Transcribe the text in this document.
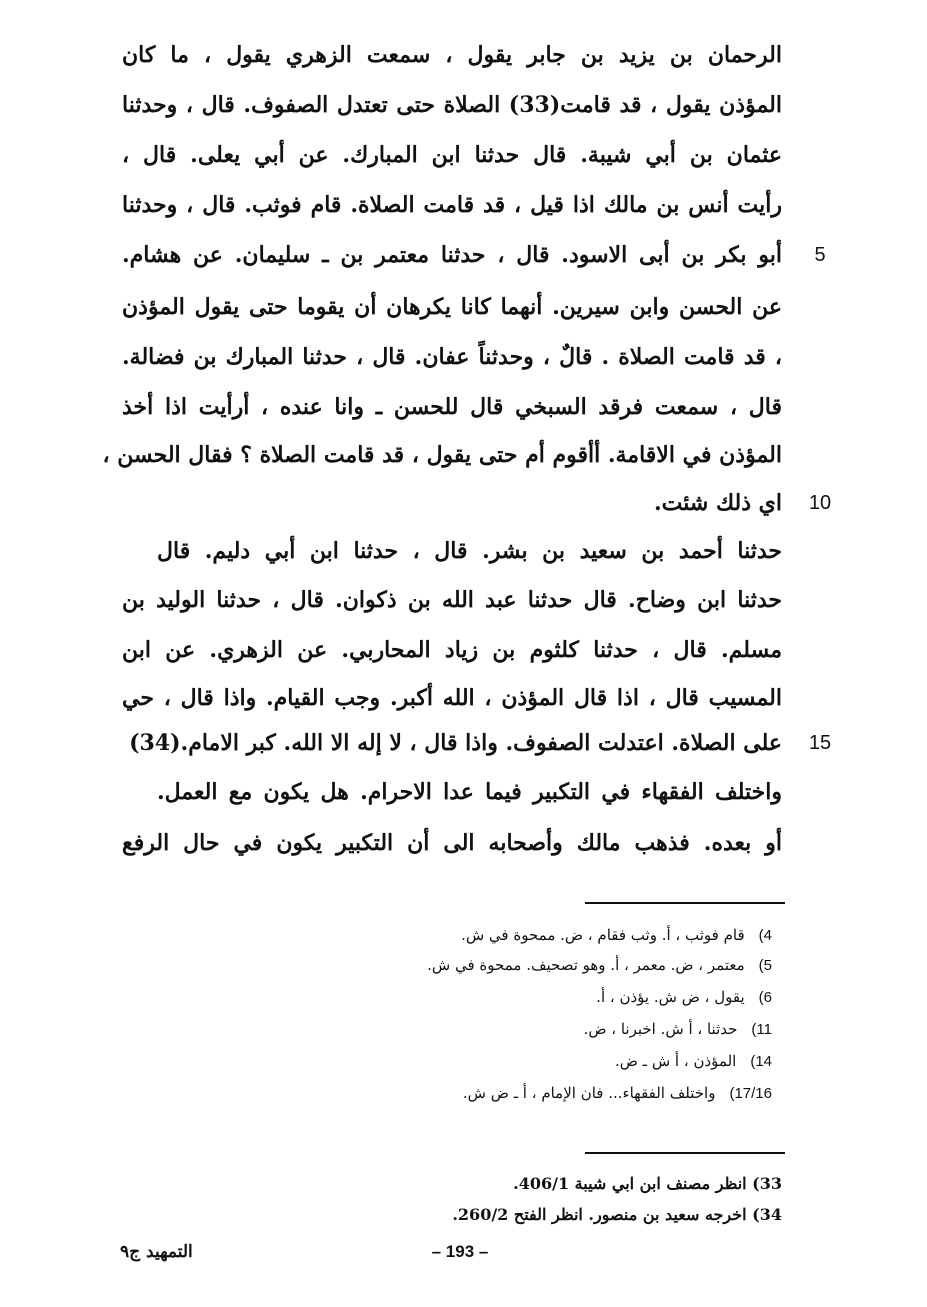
الرحمان بن يزيد بن جابر يقول ، سمعت الزهري يقول ، ما كان
المؤذن يقول ، قد قامت(33) الصلاة حتى تعتدل الصفوف. قال ، وحدثنا
عثمان بن أبي شيبة. قال حدثنا ابن المبارك. عن أبي يعلى. قال ،
رأيت أنس بن مالك اذا قيل ، قد قامت الصلاة. قام فوثب. قال ، وحدثنا
أبو بكر بن أبى الاسود. قال ، حدثنا معتمر بن ـ سليمان. عن هشام.
عن الحسن وابن سيرين. أنهما كانا يكرهان أن يقوما حتى يقول المؤذن
، قد قامت الصلاة . قالٌ ، وحدثناً عفان. قال ، حدثنا المبارك بن فضالة.
قال ، سمعت فرقد السبخي قال للحسن ـ وانا عنده ، أرأيت اذا أخذ
المؤذن في الاقامة. أأقوم أم حتى يقول ، قد قامت الصلاة ؟ فقال الحسن ،
اي ذلك شئت.
حدثنا أحمد بن سعيد بن بشر. قال ، حدثنا ابن أبي دليم. قال
حدثنا ابن وضاح. قال حدثنا عبد الله بن ذكوان. قال ، حدثنا الوليد بن
مسلم. قال ، حدثنا كلثوم بن زياد المحاربي. عن الزهري. عن ابن
المسيب قال ، اذا قال المؤذن ، الله أكبر. وجب القيام. واذا قال ، حي
على الصلاة. اعتدلت الصفوف. واذا قال ، لا إله الا الله. كبر الامام.(34)
واختلف الفقهاء في التكبير فيما عدا الاحرام. هل يكون مع العمل.
أو بعده. فذهب مالك وأصحابه الى أن التكبير يكون في حال الرفع
5
10
15
4)قام فوثب ، أ. وثب فقام ، ض. ممحوة في ش.
5)معتمر ، ض. معمر ، أ. وهو تصحيف. ممحوة في ش.
6)يقول ، ض ش. يؤذن ، أ.
11)حدثنا ، أ ش. اخبرنا ، ض.
14)المؤذن ، أ ش ـ ض.
17/16)واختلف الفقهاء... فان الإمام ، أ ـ ض ش.
33) انظر مصنف ابن ابي شيبة 406/1.
34) اخرجه سعيد بن منصور. انظر الفتح 260/2.
التمهيد ج٩	– 193 –
